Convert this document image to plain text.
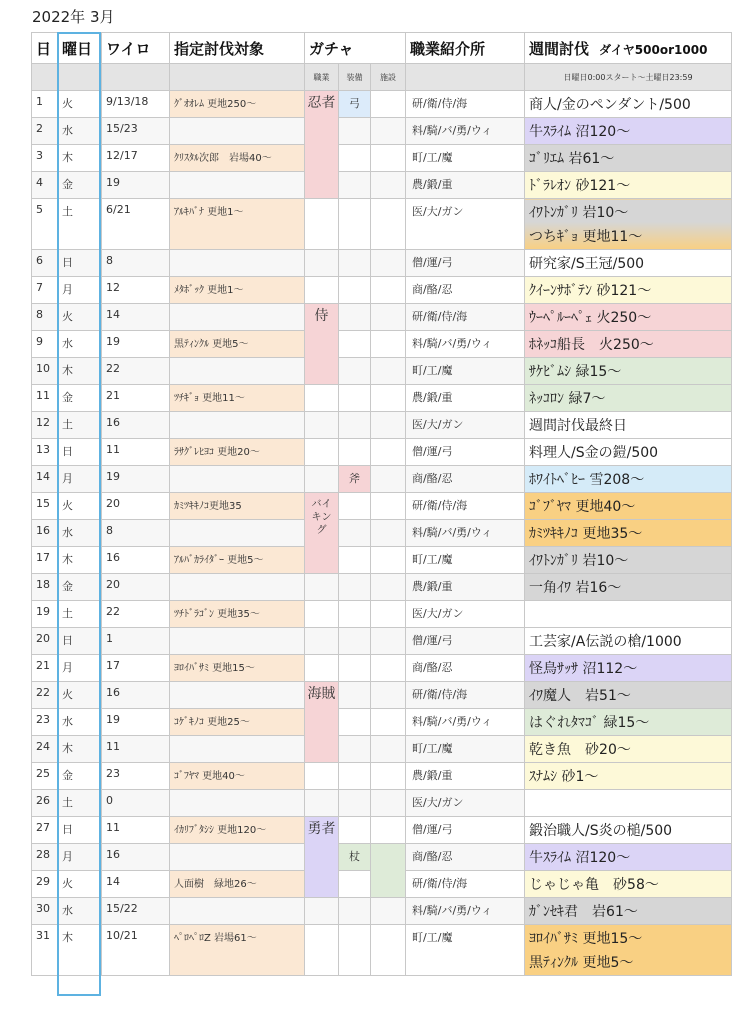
2022年 3月
日	曜日	ワイロ	指定討伐対象	ガチャ			職業紹介所	週間討伐 ダイヤ500or1000
				職業	装備	施設		日曜日0:00スタート〜土曜日23:59
1	火	9/13/18	ｸﾞｵｵﾚﾑ 更地250〜	忍者	弓		研/衛/侍/海	商人/金のペンダント/500

2	水	15/23					料/騎/バ/勇/ウィ	牛ｽﾗｲﾑ 沼120〜

3	木	12/17	ｸﾘｽﾀﾙ次郎　岩場40〜				町/工/魔	ｺﾞﾘｴﾑ 岩61〜

4	金	19					農/鍛/重	ﾄﾞﾗﾚｵﾝ 砂121〜

5	土	6/21	ｱﾙｷﾊﾞﾅ 更地1〜				医/大/ガン	ｲﾜﾄﾝｶﾞﾘ 岩10〜
つちｷﾞｮ 更地11〜

6	日	8					僧/運/弓	研究家/S王冠/500

7	月	12	ﾒﾀﾎﾞｯｸ 更地1〜				商/酪/忍	ｸｲｰﾝｻﾎﾞﾃﾝ 砂121〜

8	火	14		侍			研/衛/侍/海	ｳｰﾍﾟﾙｰﾍﾟｪ 火250〜

9	水	19	黒ﾃｨﾝｸﾙ 更地5〜				料/騎/バ/勇/ウィ	ﾎﾈｯｺ船長　火250〜

10	木	22					町/工/魔	ｻｹﾋﾞﾑｼ 緑15〜

11	金	21	ﾂﾁｷﾞｮ 更地11〜				農/鍛/重	ﾈｯｺﾛﾝ 緑7〜

12	土	16					医/大/ガン	週間討伐最終日

13	日	11	ﾗｻｸﾞﾚﾋﾖｺ 更地20〜				僧/運/弓	料理人/S金の鎧/500

14	月	19			斧		商/酪/忍	ﾎﾜｲﾄﾍﾞﾋｰ 雪208〜

15	火	20	ｶﾐﾂｷｷﾉｺ更地35	バイキング			研/衛/侍/海	ｺﾞﾌﾞﾔﾏ 更地40〜

16	水	8					料/騎/バ/勇/ウィ	ｶﾐﾂｷｷﾉｺ 更地35〜

17	木	16	ｱﾙﾊﾞｶﾗｲﾀﾞｰ 更地5〜				町/工/魔	ｲﾜﾄﾝｶﾞﾘ 岩10〜

18	金	20					農/鍛/重	一角ｲﾜ 岩16〜

19	土	22	ﾂﾁﾄﾞﾗｺﾞﾝ 更地35〜				医/大/ガン	

20	日	1					僧/運/弓	工芸家/A伝説の槍/1000

21	月	17	ﾖﾛｲﾊﾞｻﾐ 更地15〜				商/酪/忍	怪鳥ｻｯｻ 沼112〜

22	火	16		海賊			研/衛/侍/海	ｲﾜ魔人　岩51〜

23	水	19	ｺｹﾞｷﾉｺ 更地25〜				料/騎/バ/勇/ウィ	はぐれﾀﾏｺﾞ 緑15〜

24	木	11					町/工/魔	乾き魚　砂20〜

25	金	23	ｺﾞﾌﾔﾏ 更地40〜				農/鍛/重	ｽﾅﾑｼ 砂1〜

26	土	0					医/大/ガン	

27	日	11	ｲｶﾘﾌﾞﾀｼｼ 更地120〜	勇者			僧/運/弓	鍛治職人/S炎の槌/500

28	月	16			杖		商/酪/忍	牛ｽﾗｲﾑ 沼120〜

29	火	14	人面樹　緑地26〜				研/衛/侍/海	じゃじゃ亀　砂58〜

30	水	15/22					料/騎/バ/勇/ウィ	ｶﾞﾝｾｷ君　岩61〜

31	木	10/21	ﾍﾟﾛﾍﾟﾛZ 岩場61〜				町/工/魔	ﾖﾛｲﾊﾞｻﾐ 更地15〜
黒ﾃｨﾝｸﾙ 更地5〜
